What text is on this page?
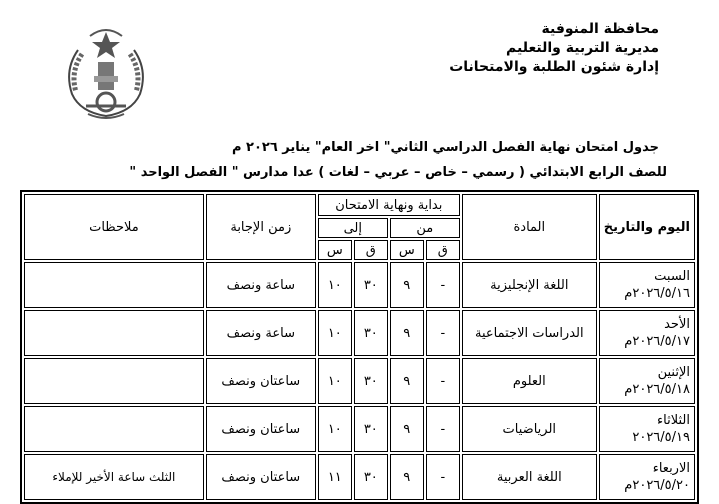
محافظة المنوفية
مديرية التربية والتعليم
إدارة شئون الطلبة والامتحانات
جدول امتحان نهاية الفصل الدراسي الثاني" اخر العام" يناير ٢٠٢٦ م
للصف الرابع الابتدائي ( رسمي – خاص – عربي – لغات ) عدا مدارس " الفصل الواحد "
اليوم والتاريخ	المادة	بداية ونهاية الامتحان				زمن الإجابة	ملاحظات
		من		إلى			
		ق	س	ق	س		

السبت
٢٠٢٦/٥/١٦م	اللغة الإنجليزية	-	٩	٣٠	١٠	ساعة ونصف	

الأحد
٢٠٢٦/٥/١٧م	الدراسات الاجتماعية	-	٩	٣٠	١٠	ساعة ونصف	

الإثنين
٢٠٢٦/٥/١٨م	العلوم	-	٩	٣٠	١٠	ساعتان ونصف	

الثلاثاء
٢٠٢٦/٥/١٩	الرياضيات	-	٩	٣٠	١٠	ساعتان ونصف	

الاربعاء
٢٠٢٦/٥/٢٠م	اللغة العربية	-	٩	٣٠	١١	ساعتان ونصف	الثلث ساعة الأخير للإملاء
